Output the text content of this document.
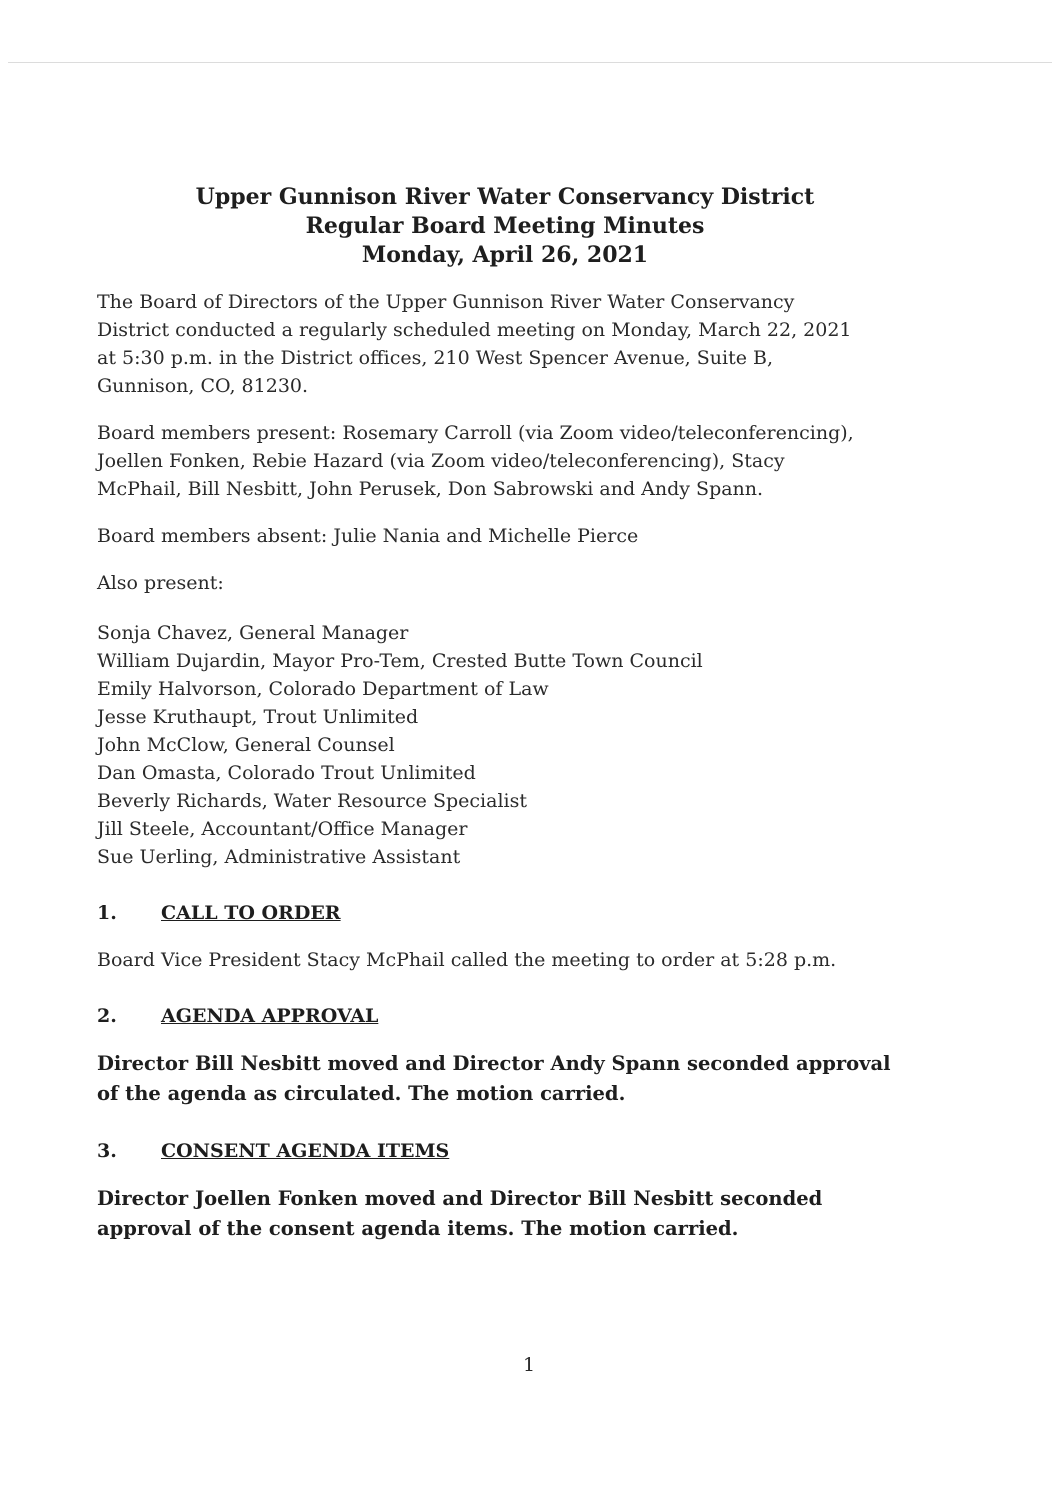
Upper Gunnison River Water Conservancy District
Regular Board Meeting Minutes
Monday, April 26, 2021

The Board of Directors of the Upper Gunnison River Water Conservancy

District conducted a regularly scheduled meeting on Monday, March 22, 2021

at 5:30 p.m. in the District offices, 210 West Spencer Avenue, Suite B,

Gunnison, CO, 81230.

Board members present: Rosemary Carroll (via Zoom video/teleconferencing),

Joellen Fonken, Rebie Hazard (via Zoom video/teleconferencing), Stacy

McPhail, Bill Nesbitt, John Perusek, Don Sabrowski and Andy Spann.

Board members absent: Julie Nania and Michelle Pierce

Also present:

Sonja Chavez, General Manager
William Dujardin, Mayor Pro-Tem, Crested Butte Town Council
Emily Halvorson, Colorado Department of Law
Jesse Kruthaupt, Trout Unlimited
John McClow, General Counsel
Dan Omasta, Colorado Trout Unlimited
Beverly Richards, Water Resource Specialist
Jill Steele, Accountant/Office Manager
Sue Uerling, Administrative Assistant
1. CALL TO ORDER

Board Vice President Stacy McPhail called the meeting to order at 5:28 p.m.

2. AGENDA APPROVAL

Director Bill Nesbitt moved and Director Andy Spann seconded approval

of the agenda as circulated. The motion carried.

3. CONSENT AGENDA ITEMS

Director Joellen Fonken moved and Director Bill Nesbitt seconded

approval of the consent agenda items. The motion carried.

1
